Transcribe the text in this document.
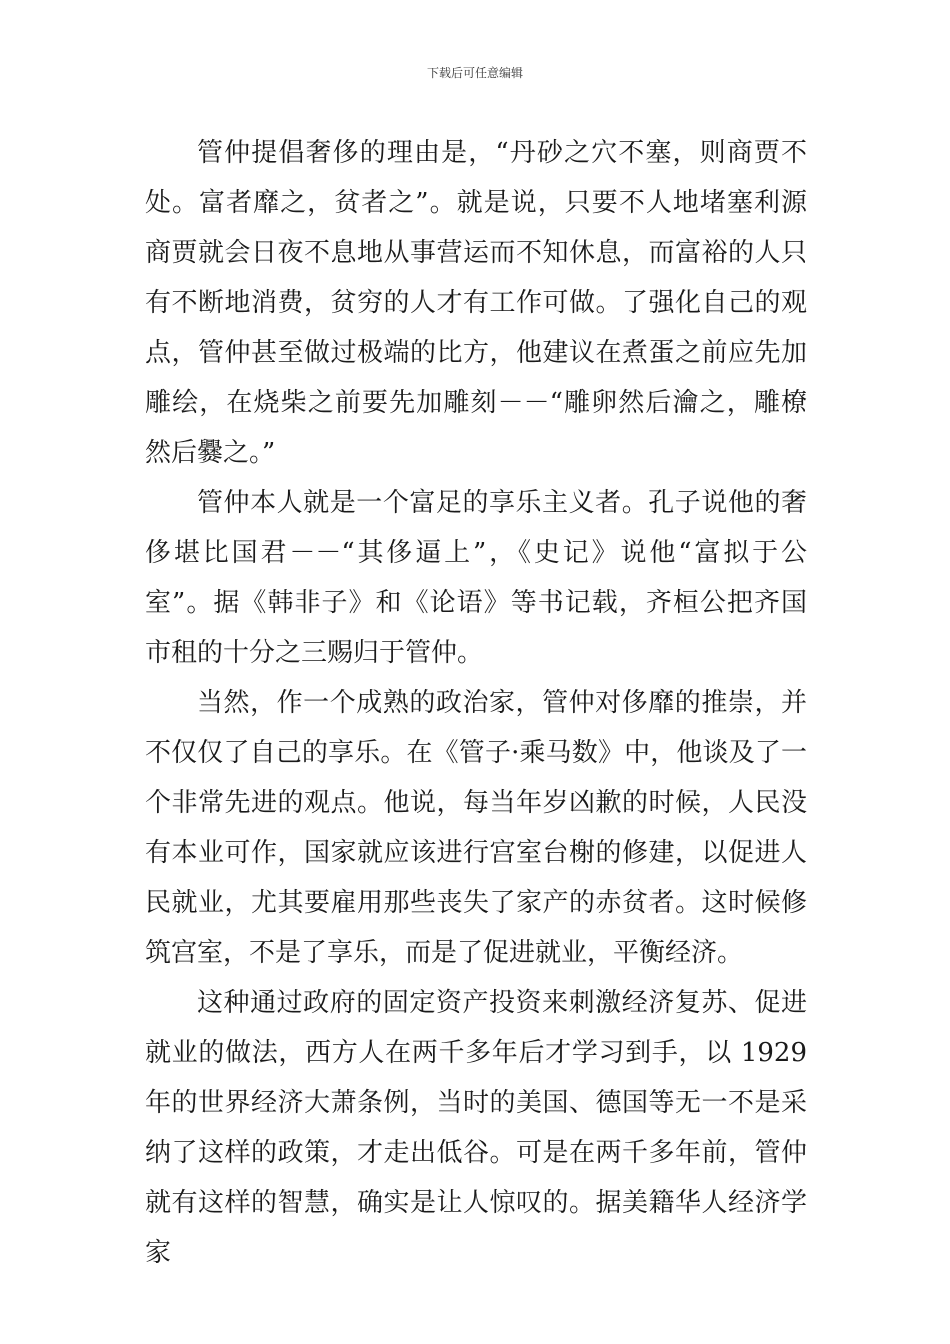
下载后可任意编辑

管仲提倡奢侈的理由是，“丹砂之穴不塞，则商贾不处。富者靡之，贫者之”。就是说，只要不人地堵塞利源商贾就会日夜不息地从事营运而不知休息，而富裕的人只有不断地消费，贫穷的人才有工作可做。了强化自己的观点，管仲甚至做过极端的比方，他建议在煮蛋之前应先加雕绘，在烧柴之前要先加雕刻－－“雕卵然后瀹之，雕橑然后爨之。”

管仲本人就是一个富足的享乐主义者。孔子说他的奢侈堪比国君－－“其侈逼上”，《史记》说他“富拟于公室”。据《韩非子》和《论语》等书记载，齐桓公把齐国市租的十分之三赐归于管仲。

当然，作一个成熟的政治家，管仲对侈靡的推崇，并不仅仅了自己的享乐。在《管子·乘马数》中，他谈及了一个非常先进的观点。他说，每当年岁凶歉的时候，人民没有本业可作，国家就应该进行宫室台榭的修建，以促进人民就业，尤其要雇用那些丧失了家产的赤贫者。这时候修筑宫室，不是了享乐，而是了促进就业，平衡经济。

这种通过政府的固定资产投资来刺激经济复苏、促进就业的做法，西方人在两千多年后才学习到手，以 1929 年的世界经济大萧条例，当时的美国、德国等无一不是采纳了这样的政策，才走出低谷。可是在两千多年前，管仲就有这样的智慧，确实是让人惊叹的。据美籍华人经济学家
